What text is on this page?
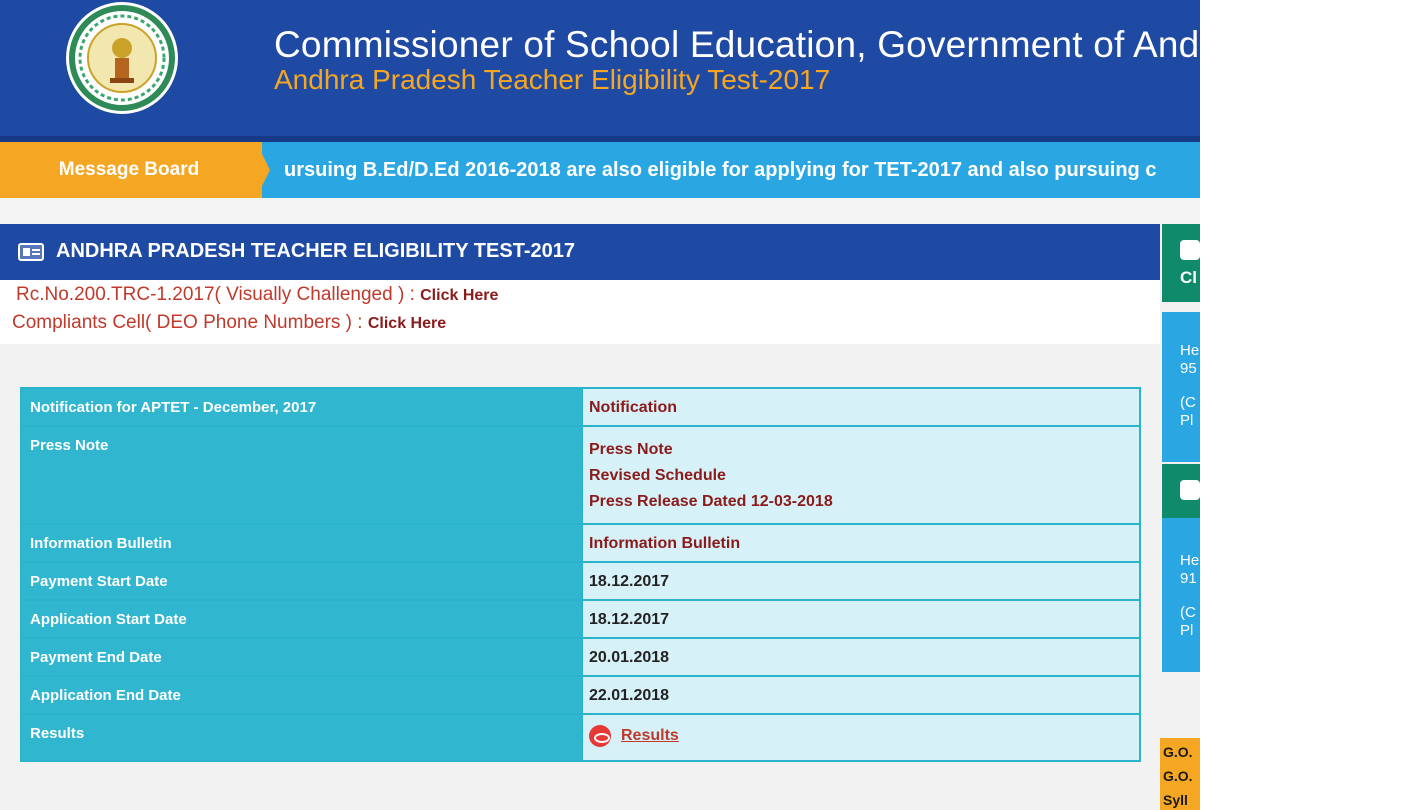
Commissioner of School Education, Government of Andhra Pradesh
Andhra Pradesh Teacher Eligibility Test-2017
Message Board	ursuing B.Ed/D.Ed 2016-2018 are also eligible for applying for TET-2017 and also pursuing c
ANDHRA PRADESH TEACHER ELIGIBILITY TEST-2017
Rc.No.200.TRC-1.2017( Visually Challenged ) : Click Here
Compliants Cell( DEO Phone Numbers ) : Click Here
Notification for APTET - December, 2017	Notification
Press Note	Press Note
Revised Schedule
Press Release Dated 12-03-2018

Information Bulletin	Information Bulletin
Payment Start Date	18.12.2017
Application Start Date	18.12.2017
Payment End Date	20.01.2018
Application End Date	22.01.2018
Results	Results
Cl
He
95
(C
Pl
He
91
(C
Pl
G.O.
G.O.
Syll
